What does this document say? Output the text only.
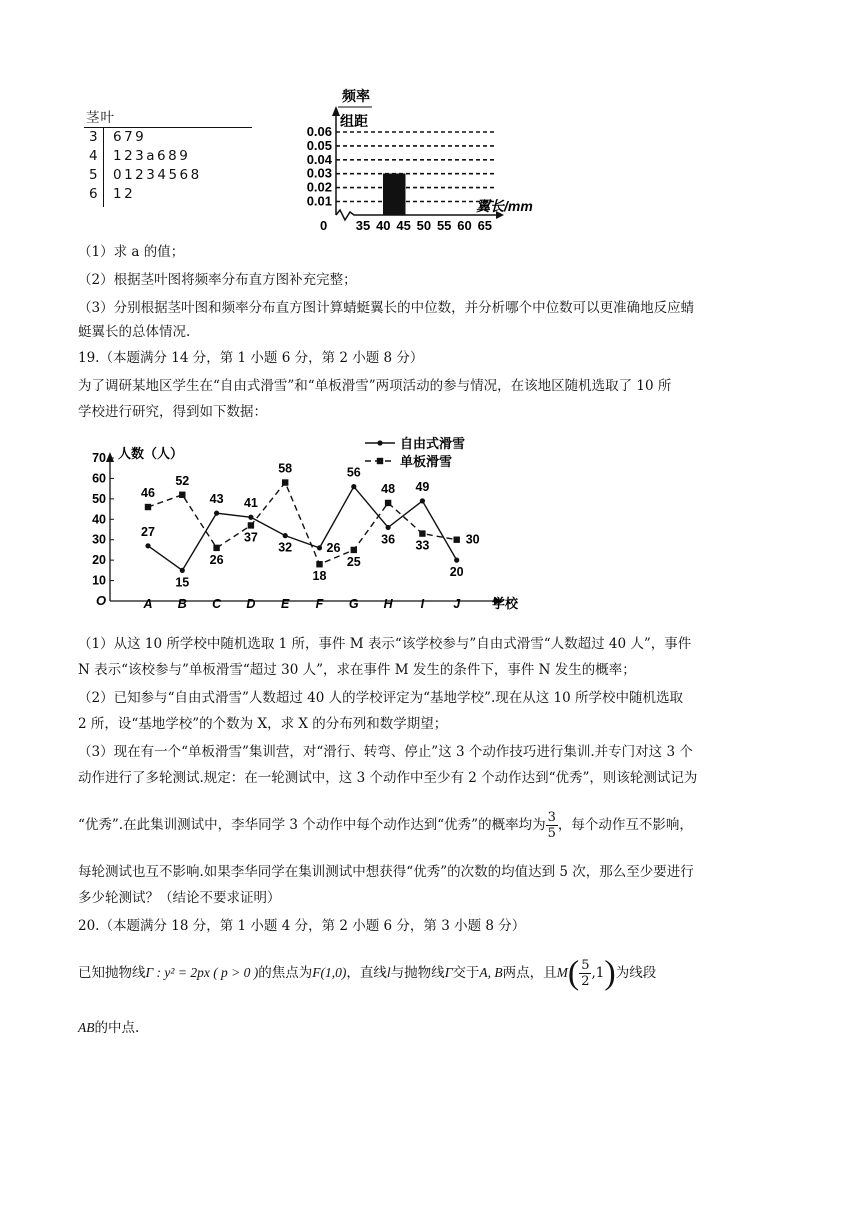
茎叶
3 679
4 123a689
5 01234568
6 12
频率
组距
0.06
0.05
0.04
0.03
0.02
0.01	翼长/mm
0 35 40 45 50 55 60 65
（1）求 a 的值；
（2）根据茎叶图将频率分布直方图补充完整；
（3）分别根据茎叶图和频率分布直方图计算蜻蜓翼长的中位数，并分析哪个中位数可以更准确地反应蜻
蜓翼长的总体情况.
19.（本题满分 14 分，第 1 小题 6 分，第 2 小题 8 分）
为了调研某地区学生在“自由式滑雪”和“单板滑雪”两项活动的参与情况，在该地区随机选取了 10 所
学校进行研究，得到如下数据：
人数（人）
O	学校
10
20
30
40
50
60
70
A B C D E F G H I J
27
15
43 41
32	26
56
36
49
20
46
52
26
37
58
18
25
48
33	30
自由式滑雪
单板滑雪
（1）从这 10 所学校中随机选取 1 所，事件 M 表示“该学校参与”自由式滑雪“人数超过 40 人”，事件
N 表示“该校参与”单板滑雪“超过 30 人”，求在事件 M 发生的条件下，事件 N 发生的概率；
（2）已知参与“自由式滑雪”人数超过 40 人的学校评定为“基地学校”.现在从这 10 所学校中随机选取
2 所，设“基地学校”的个数为 X，求 X 的分布列和数学期望；
（3）现在有一个“单板滑雪”集训营，对“滑行、转弯、停止”这 3 个动作技巧进行集训.并专门对这 3 个
动作进行了多轮测试.规定：在一轮测试中，这 3 个动作中至少有 2 个动作达到“优秀”，则该轮测试记为
“优秀”.在此集训测试中，李华同学 3 个动作中每个动作达到“优秀”的概率均为 $\frac{3}{5}$ ，每个动作互不影响，
每轮测试也互不影响.如果李华同学在集训测试中想获得“优秀”的次数的均值达到 5 次，那么至少要进行
多少轮测试？（结论不要求证明）
20.（本题满分 18 分，第 1 小题 4 分，第 2 小题 6 分，第 3 小题 8 分）
已知抛物线Γ : y² = 2px ( p > 0 )的焦点为F(1,0)，直线l与抛物线Γ交于A, B两点，且$M( \frac{5}{2} ,1)$为线段
AB的中点.
